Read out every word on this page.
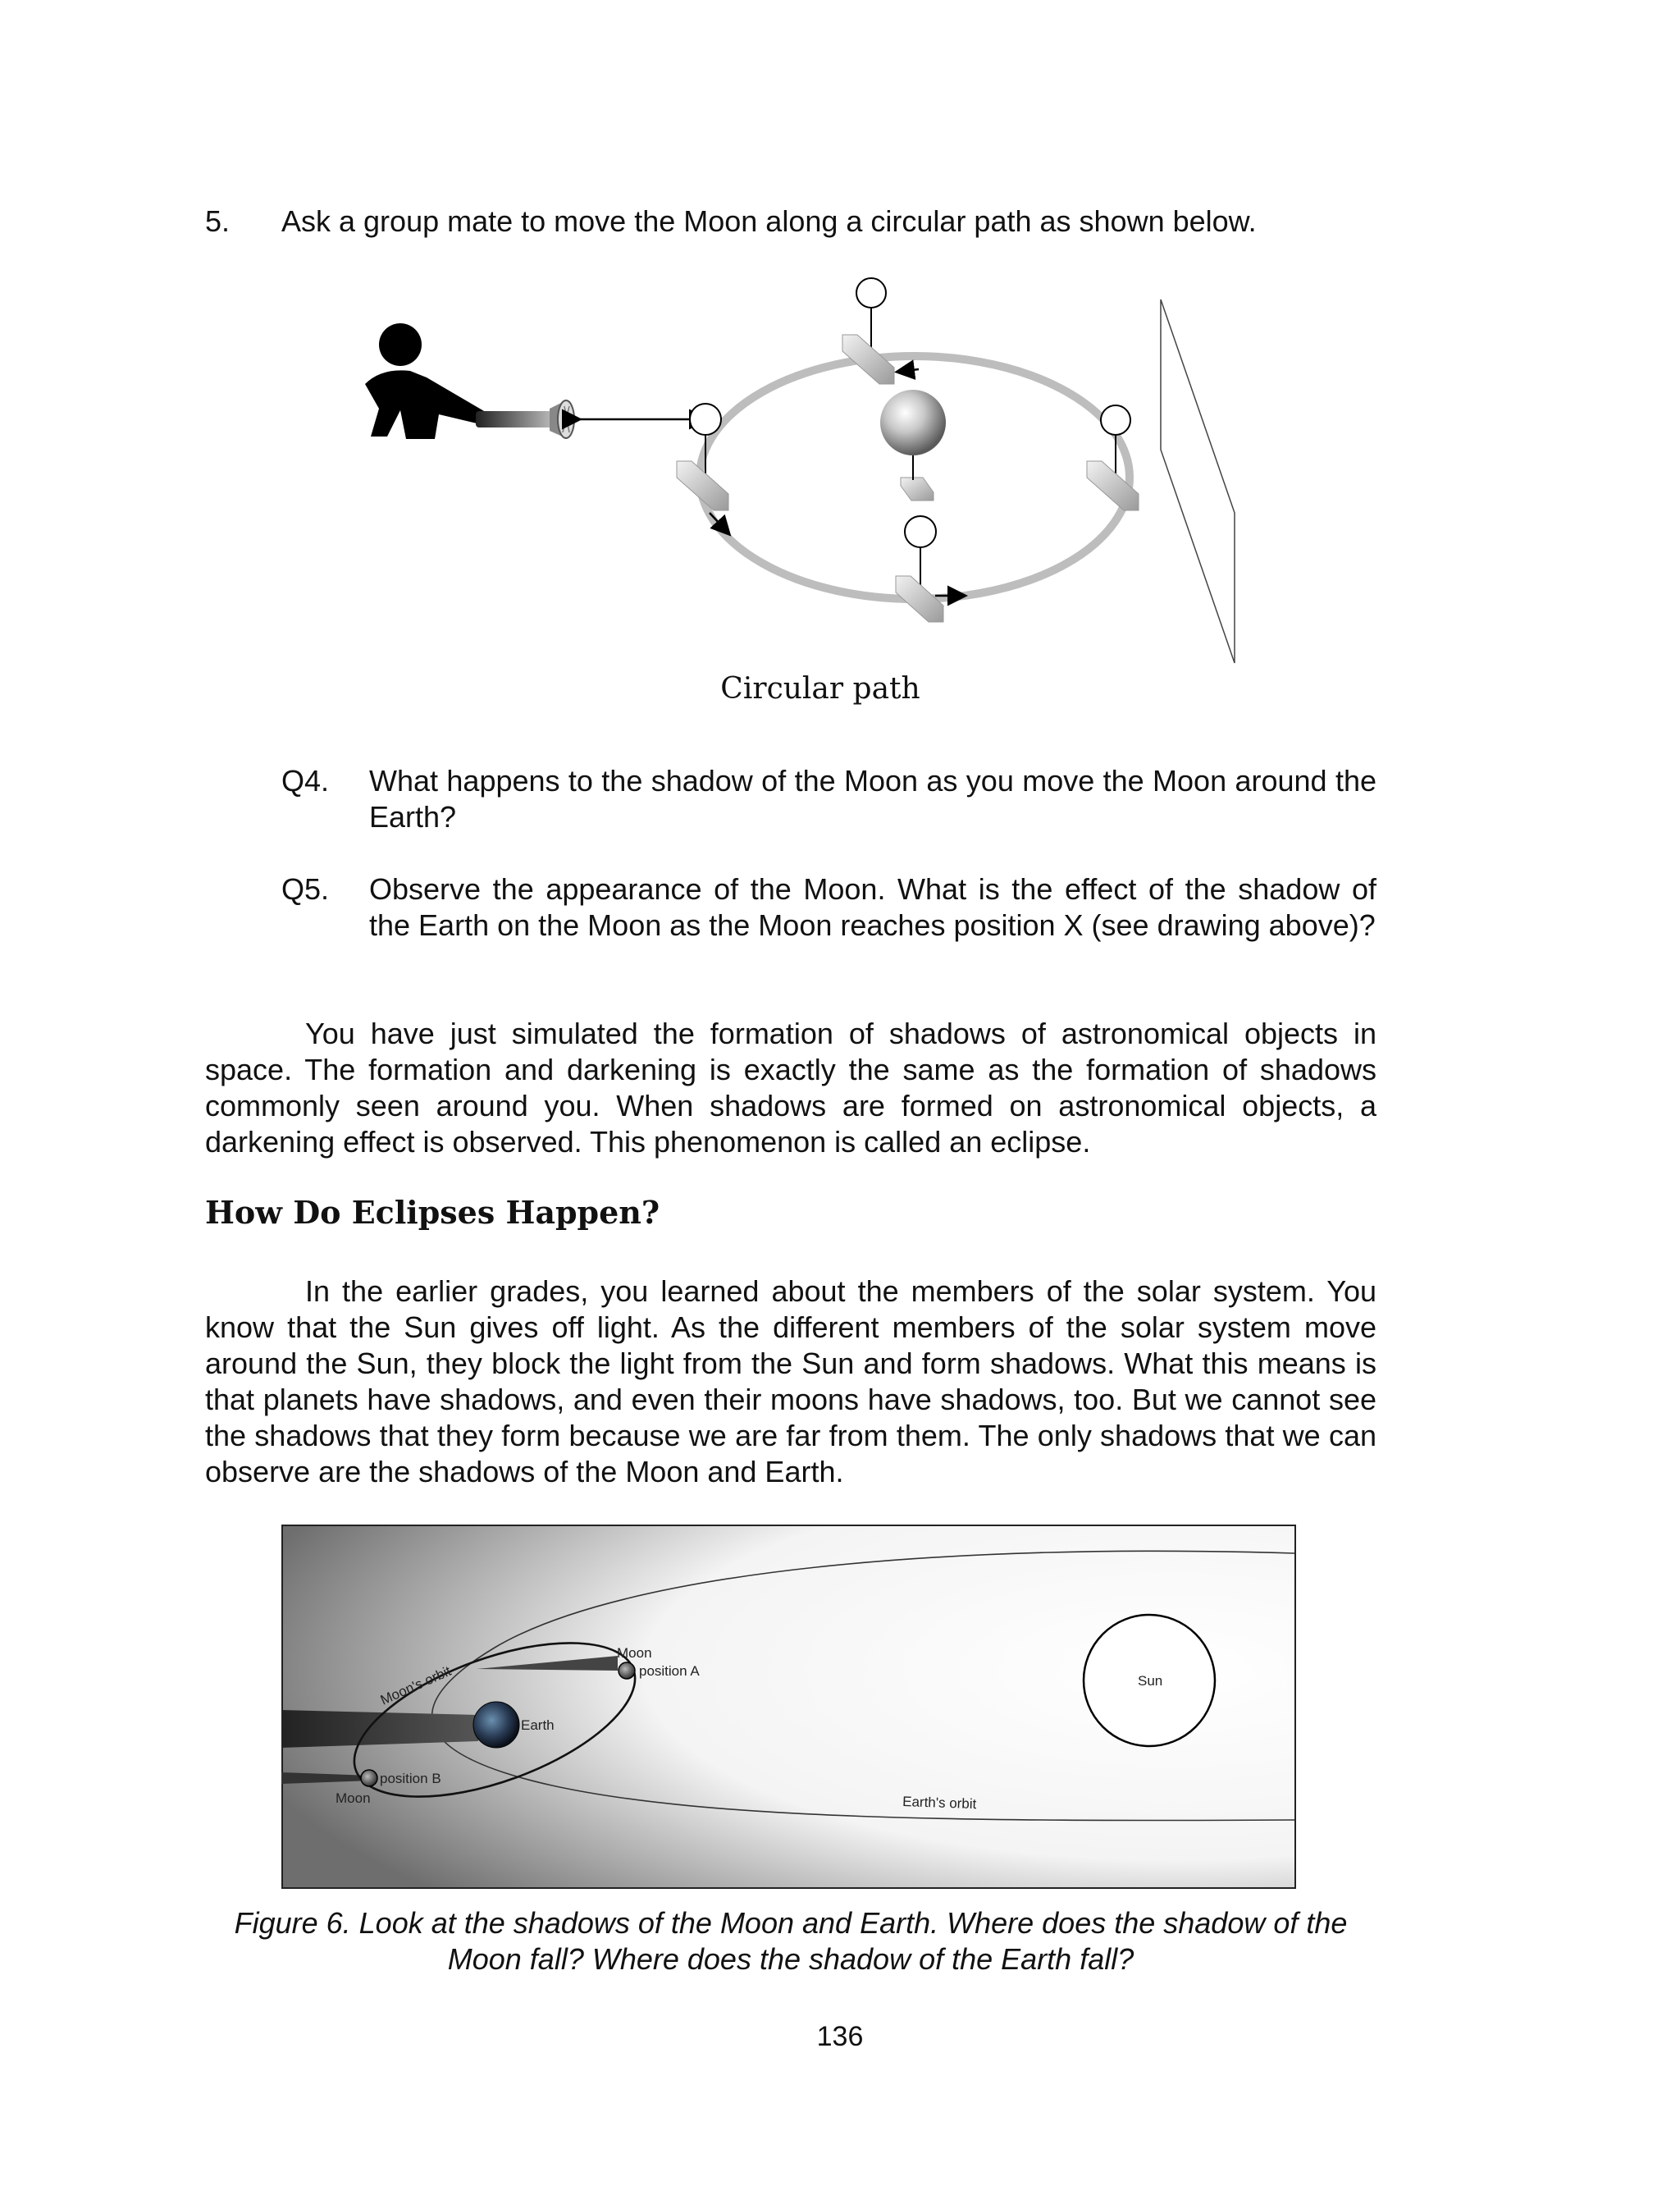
5. Ask a group mate to move the Moon along a circular path as shown below.
Circular path
Q4. What happens to the shadow of the Moon as you move the Moon around the Earth?
Q5. Observe the appearance of the Moon. What is the effect of the shadow of the Earth on the Moon as the Moon reaches position X (see drawing above)?
You have just simulated the formation of shadows of astronomical objects in space. The formation and darkening is exactly the same as the formation of shadows commonly seen around you. When shadows are formed on astronomical objects, a darkening effect is observed. This phenomenon is called an eclipse.
How Do Eclipses Happen?
In the earlier grades, you learned about the members of the solar system. You know that the Sun gives off light. As the different members of the solar system move around the Sun, they block the light from the Sun and form shadows. What this means is that planets have shadows, and even their moons have shadows, too. But we cannot see the shadows that they form because we are far from them. The only shadows that we can observe are the shadows of the Moon and Earth.
Moon's orbit
Moon
position A
Earth
position B
Moon
Sun
Earth's orbit
Figure 6. Look at the shadows of the Moon and Earth. Where does the shadow of the Moon fall? Where does the shadow of the Earth fall?
136
